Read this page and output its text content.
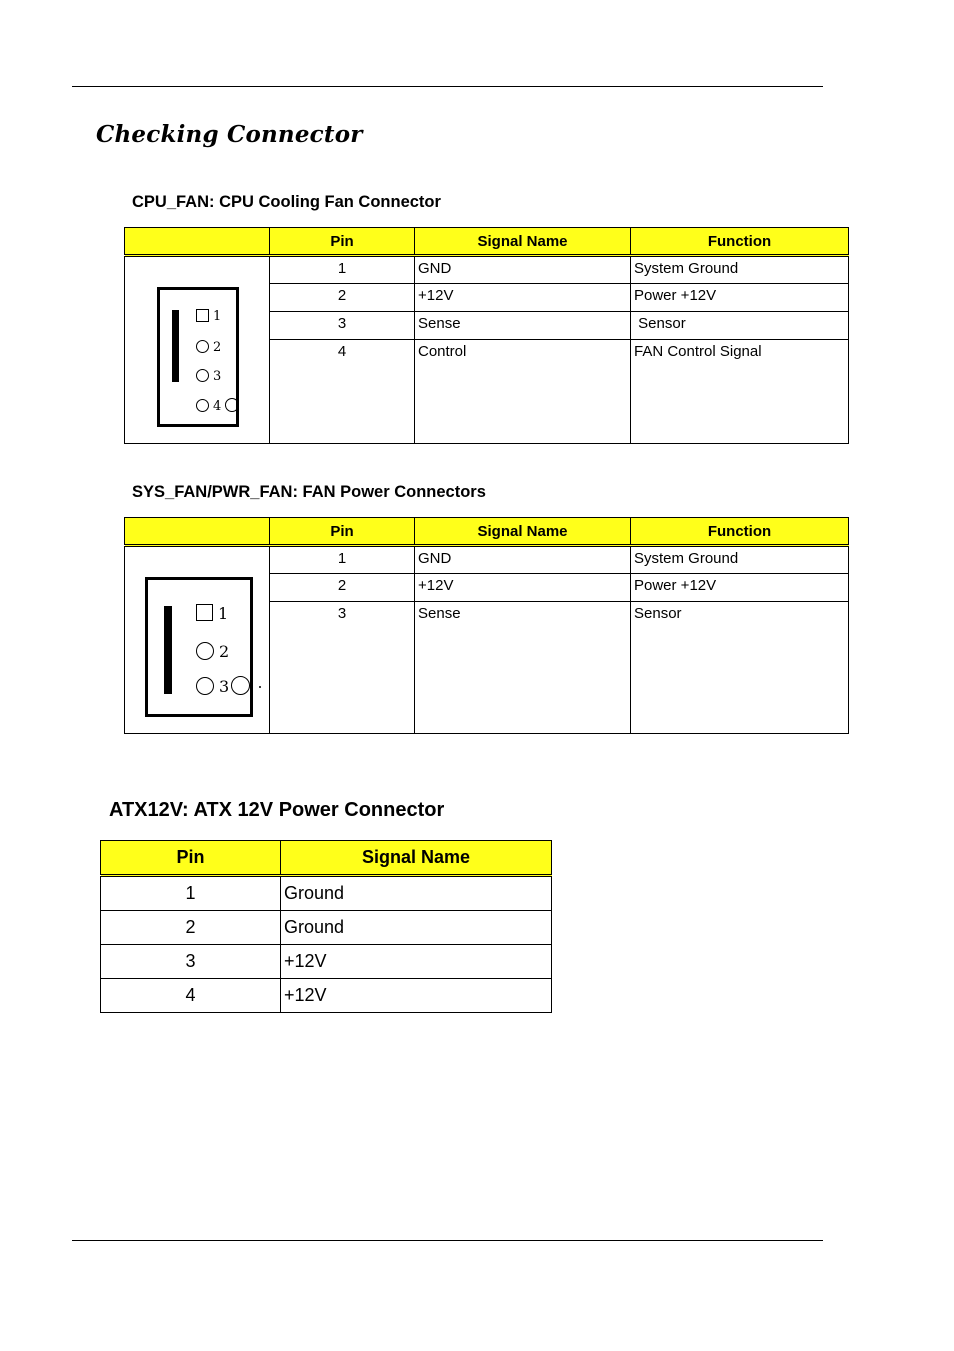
Checking Connector
CPU_FAN: CPU Cooling Fan Connector
	Pin	Signal Name	Function

1
2
3
4	1	GND	System Ground
	2	+12V	Power +12V
	3	Sense	Sensor
	4	Control	FAN Control Signal
SYS_FAN/PWR_FAN: FAN Power Connectors
	Pin	Signal Name	Function

1
2
3	1	GND	System Ground
	2	+12V	Power +12V
	3	Sense	Sensor
ATX12V: ATX 12V Power Connector
Pin	Signal Name
1	Ground
2	Ground
3	+12V
4	+12V
